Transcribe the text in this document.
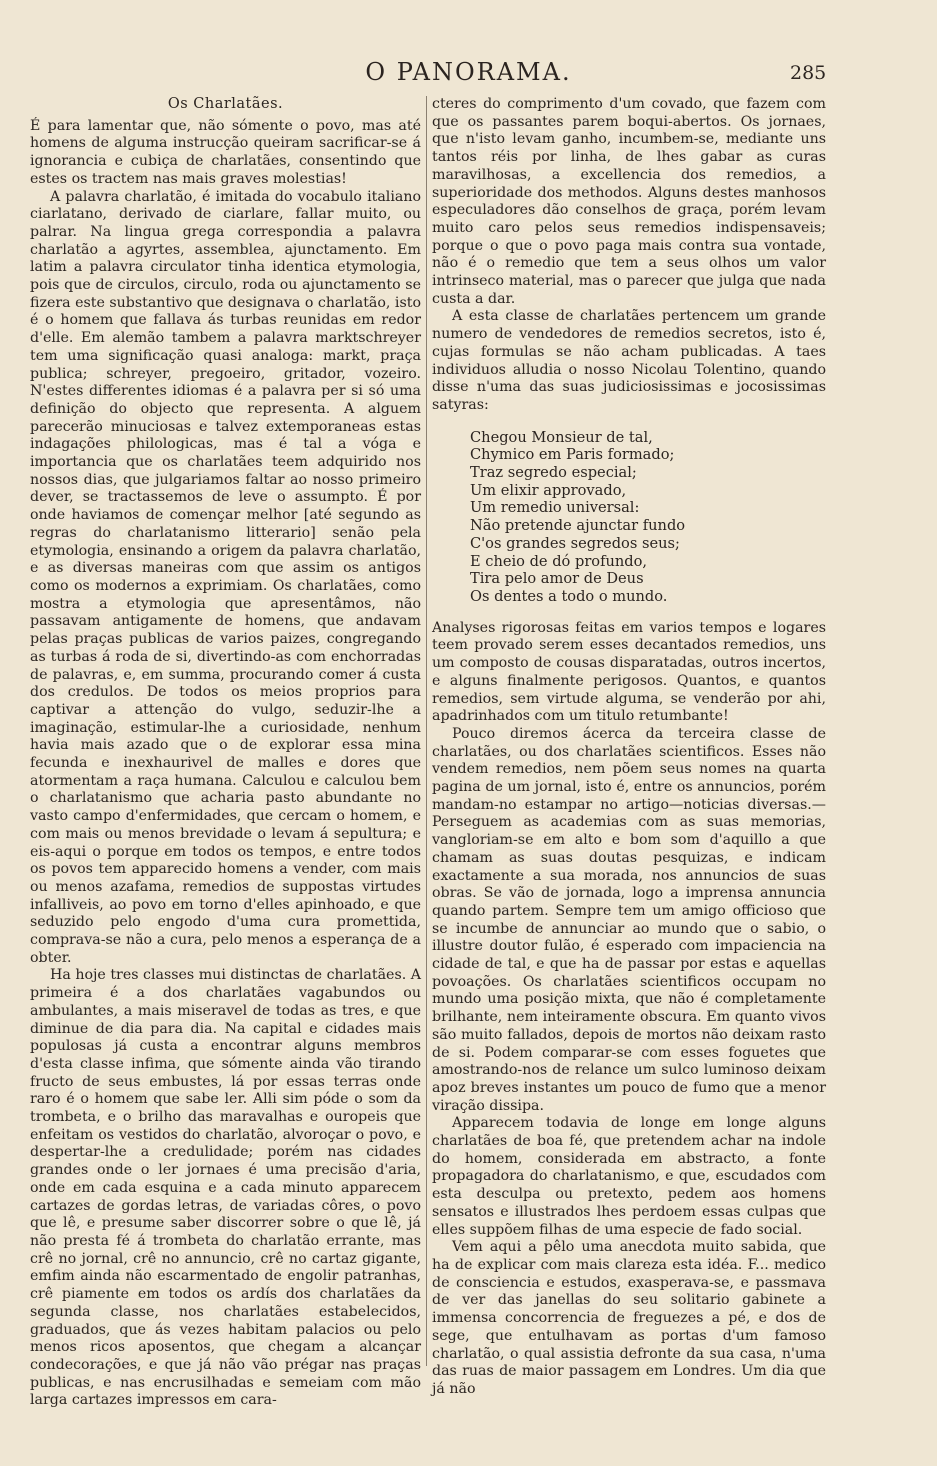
O PANORAMA.	285
Os Charlatães.

É para lamentar que, não sómente o povo, mas até homens de alguma instrucção queiram sacrificar-se á ignorancia e cubiça de charlatães, consentindo que estes os tractem nas mais graves molestias!

A palavra charlatão, é imitada do vocabulo italiano ciarlatano, derivado de ciarlare, fallar muito, ou palrar. Na lingua grega correspondia a palavra charlatão a agyrtes, assemblea, ajunctamento. Em latim a palavra circulator tinha identica etymologia, pois que de circulos, circulo, roda ou ajunctamento se fizera este substantivo que designava o charlatão, isto é o homem que fallava ás turbas reunidas em redor d'elle. Em alemão tambem a palavra marktschreyer tem uma significação quasi analoga: markt, praça publica; schreyer, pregoeiro, gritador, vozeiro. N'estes differentes idiomas é a palavra per si só uma definição do objecto que representa. A alguem parecerão minuciosas e talvez extemporaneas estas indagações philologicas, mas é tal a vóga e importancia que os charlatães teem adquirido nos nossos dias, que julgariamos faltar ao nosso primeiro dever, se tractassemos de leve o assumpto. É por onde haviamos de començar melhor [até segundo as regras do charlatanismo litterario] senão pela etymologia, ensinando a origem da palavra charlatão, e as diversas maneiras com que assim os antigos como os modernos a exprimiam. Os charlatães, como mostra a etymologia que apresentâmos, não passavam antigamente de homens, que andavam pelas praças publicas de varios paizes, congregando as turbas á roda de si, divertindo-as com enchorradas de palavras, e, em summa, procurando comer á custa dos credulos. De todos os meios proprios para captivar a attenção do vulgo, seduzir-lhe a imaginação, estimular-lhe a curiosidade, nenhum havia mais azado que o de explorar essa mina fecunda e inexhaurivel de malles e dores que atormentam a raça humana. Calculou e calculou bem o charlatanismo que acharia pasto abundante no vasto campo d'enfermidades, que cercam o homem, e com mais ou menos brevidade o levam á sepultura; e eis-aqui o porque em todos os tempos, e entre todos os povos tem apparecido homens a vender, com mais ou menos azafama, remedios de suppostas virtudes infalliveis, ao povo em torno d'elles apinhoado, e que seduzido pelo engodo d'uma cura promettida, comprava-se não a cura, pelo menos a esperança de a obter.

Ha hoje tres classes mui distinctas de charlatães. A primeira é a dos charlatães vagabundos ou ambulantes, a mais miseravel de todas as tres, e que diminue de dia para dia. Na capital e cidades mais populosas já custa a encontrar alguns membros d'esta classe infima, que sómente ainda vão tirando fructo de seus embustes, lá por essas terras onde raro é o homem que sabe ler. Alli sim póde o som da trombeta, e o brilho das maravalhas e ouropeis que enfeitam os vestidos do charlatão, alvoroçar o povo, e despertar-lhe a credulidade; porém nas cidades grandes onde o ler jornaes é uma precisão d'aria, onde em cada esquina e a cada minuto apparecem cartazes de gordas letras, de variadas côres, o povo que lê, e presume saber discorrer sobre o que lê, já não presta fé á trombeta do charlatão errante, mas crê no jornal, crê no annuncio, crê no cartaz gigante, emfim ainda não escarmentado de engolir patranhas, crê piamente em todos os ardís dos charlatães da segunda classe, nos charlatães estabelecidos, graduados, que ás vezes habitam palacios ou pelo menos ricos aposentos, que chegam a alcançar condecorações, e que já não vão prégar nas praças publicas, e nas encrusilhadas e semeiam com mão larga cartazes impressos em cara-

cteres do comprimento d'um covado, que fazem com que os passantes parem boqui-abertos. Os jornaes, que n'isto levam ganho, incumbem-se, mediante uns tantos réis por linha, de lhes gabar as curas maravilhosas, a excellencia dos remedios, a superioridade dos methodos. Alguns destes manhosos especuladores dão conselhos de graça, porém levam muito caro pelos seus remedios indispensaveis; porque o que o povo paga mais contra sua vontade, não é o remedio que tem a seus olhos um valor intrinseco material, mas o parecer que julga que nada custa a dar.

A esta classe de charlatães pertencem um grande numero de vendedores de remedios secretos, isto é, cujas formulas se não acham publicadas. A taes individuos alludia o nosso Nicolau Tolentino, quando disse n'uma das suas judiciosissimas e jocosissimas satyras:

Chegou Monsieur de tal,
Chymico em Paris formado;
Traz segredo especial;
Um elixir approvado,
Um remedio universal:
Não pretende ajunctar fundo
C'os grandes segredos seus;
E cheio de dó profundo,
Tira pelo amor de Deus
Os dentes a todo o mundo.

Analyses rigorosas feitas em varios tempos e logares teem provado serem esses decantados remedios, uns um composto de cousas disparatadas, outros incertos, e alguns finalmente perigosos. Quantos, e quantos remedios, sem virtude alguma, se venderão por ahi, apadrinhados com um titulo retumbante!

Pouco diremos ácerca da terceira classe de charlatães, ou dos charlatães scientificos. Esses não vendem remedios, nem põem seus nomes na quarta pagina de um jornal, isto é, entre os annuncios, porém mandam-no estampar no artigo—noticias diversas.—Perseguem as academias com as suas memorias, vangloriam-se em alto e bom som d'aquillo a que chamam as suas doutas pesquizas, e indicam exactamente a sua morada, nos annuncios de suas obras. Se vão de jornada, logo a imprensa annuncia quando partem. Sempre tem um amigo officioso que se incumbe de annunciar ao mundo que o sabio, o illustre doutor fulão, é esperado com impaciencia na cidade de tal, e que ha de passar por estas e aquellas povoações. Os charlatães scientificos occupam no mundo uma posição mixta, que não é completamente brilhante, nem inteiramente obscura. Em quanto vivos são muito fallados, depois de mortos não deixam rasto de si. Podem comparar-se com esses foguetes que amostrando-nos de relance um sulco luminoso deixam apoz breves instantes um pouco de fumo que a menor viração dissipa.

Apparecem todavia de longe em longe alguns charlatães de boa fé, que pretendem achar na indole do homem, considerada em abstracto, a fonte propagadora do charlatanismo, e que, escudados com esta desculpa ou pretexto, pedem aos homens sensatos e illustrados lhes perdoem essas culpas que elles suppõem filhas de uma especie de fado social.

Vem aqui a pêlo uma anecdota muito sabida, que ha de explicar com mais clareza esta idéa. F... medico de consciencia e estudos, exasperava-se, e passmava de ver das janellas do seu solitario gabinete a immensa concorrencia de freguezes a pé, e dos de sege, que entulhavam as portas d'um famoso charlatão, o qual assistia defronte da sua casa, n'uma das ruas de maior passagem em Londres. Um dia que já não
